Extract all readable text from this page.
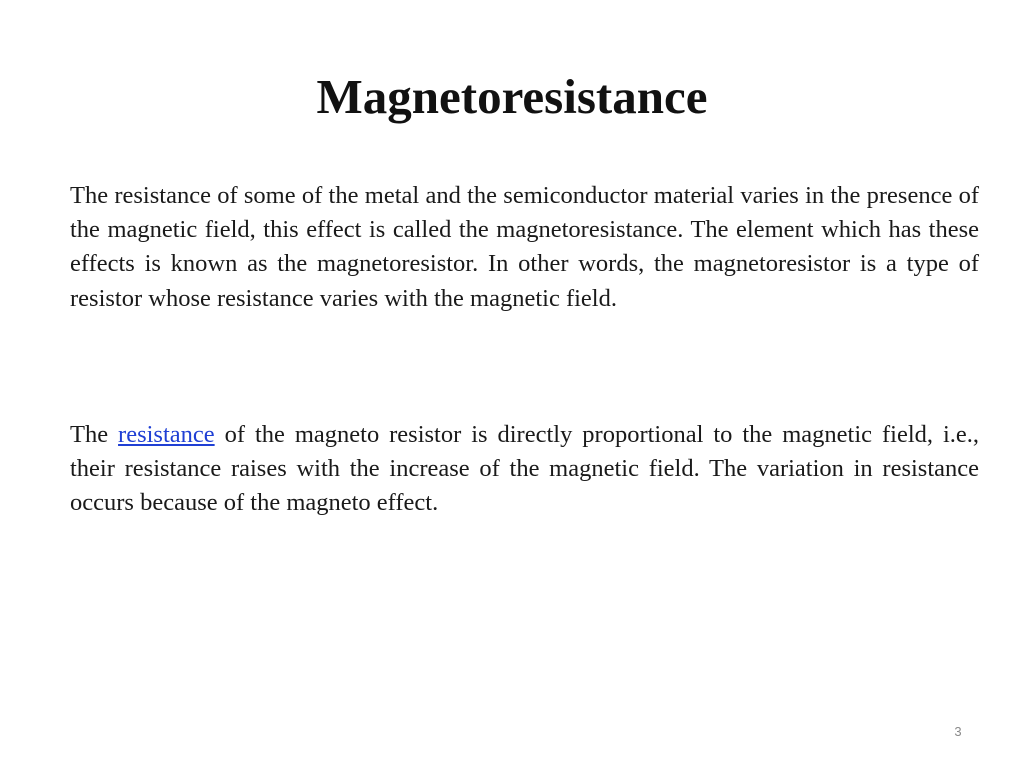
Magnetoresistance

The resistance of some of the metal and the semiconductor material varies in the presence of the magnetic field, this effect is called the magnetoresistance. The element which has these effects is known as the magnetoresistor. In other words, the magnetoresistor is a type of resistor whose resistance varies with the magnetic field.

The resistance of the magneto resistor is directly proportional to the magnetic field, i.e., their resistance raises with the increase of the magnetic field. The variation in resistance occurs because of the magneto effect.

3
